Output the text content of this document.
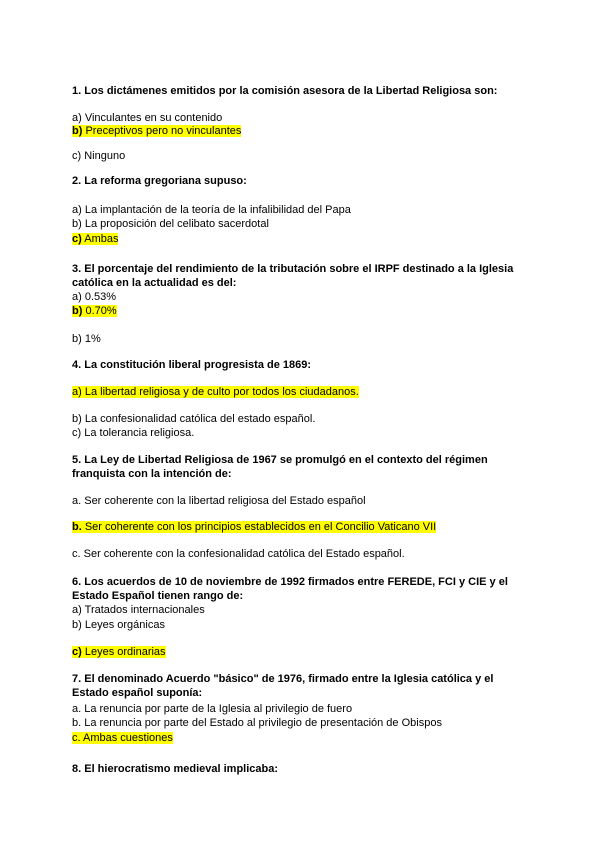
1. Los dictámenes emitidos por la comisión asesora de la Libertad Religiosa son:
a) Vinculantes en su contenido
b) Preceptivos pero no vinculantes
c) Ninguno
2. La reforma gregoriana supuso:
a) La implantación de la teoría de la infalibilidad del Papa
b) La proposición del celibato sacerdotal
c) Ambas
3. El porcentaje del rendimiento de la tributación sobre el IRPF destinado a la Iglesia
católica en la actualidad es del:
a) 0.53%
b) 0.70%
b) 1%
4. La constitución liberal progresista de 1869:
a) La libertad religiosa y de culto por todos los ciudadanos.
b) La confesionalidad católica del estado español.
c) La tolerancia religiosa.
5. La Ley de Libertad Religiosa de 1967 se promulgó en el contexto del régimen
franquista con la intención de:
a. Ser coherente con la libertad religiosa del Estado español
b. Ser coherente con los principios establecidos en el Concilio Vaticano VII
c. Ser coherente con la confesionalidad católica del Estado español.
6. Los acuerdos de 10 de noviembre de 1992 firmados entre FEREDE, FCI y CIE y el
Estado Español tienen rango de:
a) Tratados internacionales
b) Leyes orgánicas
c) Leyes ordinarias
7. El denominado Acuerdo "básico" de 1976, firmado entre la Iglesia católica y el
Estado español suponía:
a. La renuncia por parte de la Iglesia al privilegio de fuero
b. La renuncia por parte del Estado al privilegio de presentación de Obispos
c. Ambas cuestiones
8. El hierocratismo medieval implicaba:
